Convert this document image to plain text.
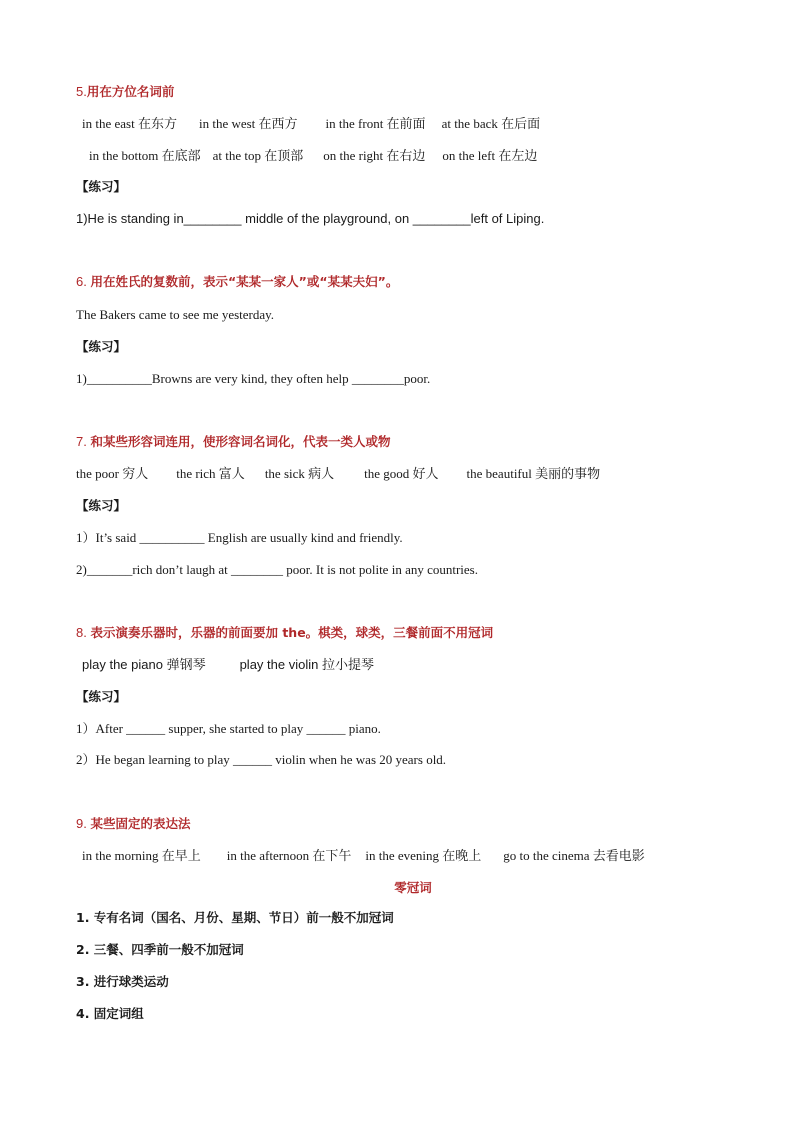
5.用在方位名词前
in the east 在东方 in the west 在西方 in the front 在前面 at the back 在后面
in the bottom 在底部 at the top 在顶部 on the right 在右边 on the left 在左边
【练习】
1)He is standing in________ middle of the playground, on ________left of Liping.
6. 用在姓氏的复数前，表示“某某一家人”或“某某夫妇”。
The Bakers came to see me yesterday.
【练习】
1)__________Browns are very kind, they often help ________poor.
7. 和某些形容词连用，使形容词名词化，代表一类人或物
the poor 穷人 the rich 富人 the sick 病人 the good 好人 the beautiful 美丽的事物
【练习】
1）It’s said __________ English are usually kind and friendly.
2)_______rich don’t laugh at ________ poor. It is not polite in any countries.
8. 表示演奏乐器时，乐器的前面要加 the。棋类，球类，三餐前面不用冠词
play the piano 弹钢琴	play the violin 拉小提琴
【练习】
1）After ______ supper, she started to play ______ piano.
2）He began learning to play ______ violin when he was 20 years old.
9. 某些固定的表达法
in the morning 在早上 in the afternoon 在下午 in the evening 在晚上 go to the cinema 去看电影
零冠词
1. 专有名词（国名、月份、星期、节日）前一般不加冠词
2. 三餐、四季前一般不加冠词
3. 进行球类运动
4. 固定词组
